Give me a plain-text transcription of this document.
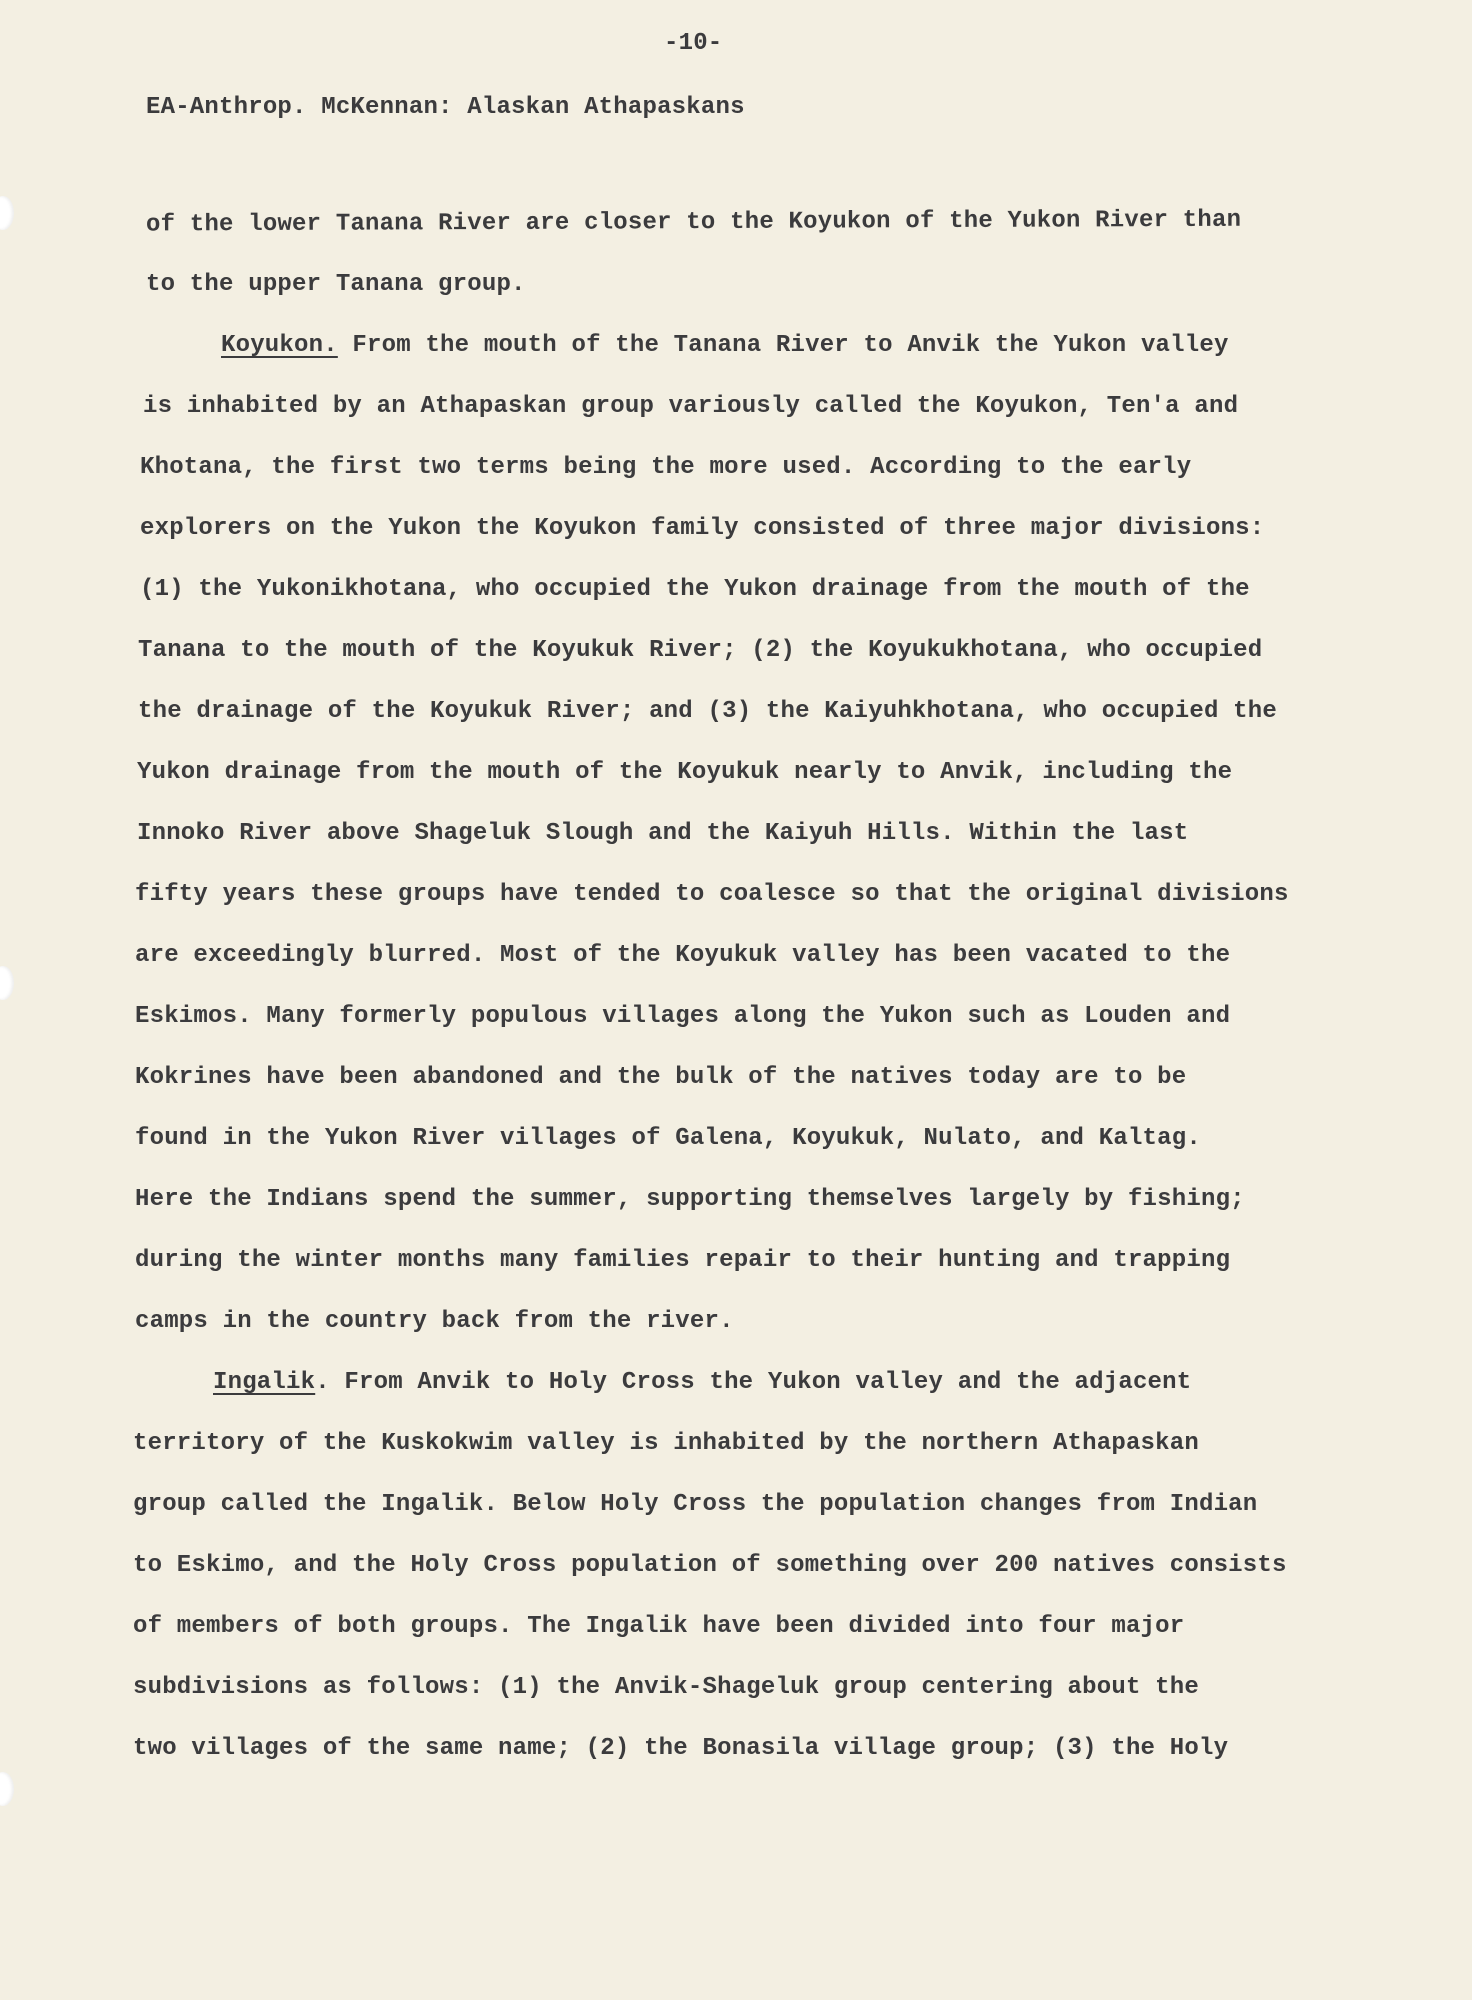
-10-
EA-Anthrop. McKennan: Alaskan Athapaskans
of the lower Tanana River are closer to the Koyukon of the Yukon River than
to the upper Tanana group.
Koyukon. From the mouth of the Tanana River to Anvik the Yukon valley
is inhabited by an Athapaskan group variously called the Koyukon, Ten'a and
Khotana, the first two terms being the more used. According to the early
explorers on the Yukon the Koyukon family consisted of three major divisions:
(1) the Yukonikhotana, who occupied the Yukon drainage from the mouth of the
Tanana to the mouth of the Koyukuk River; (2) the Koyukukhotana, who occupied
the drainage of the Koyukuk River; and (3) the Kaiyuhkhotana, who occupied the
Yukon drainage from the mouth of the Koyukuk nearly to Anvik, including the
Innoko River above Shageluk Slough and the Kaiyuh Hills. Within the last
fifty years these groups have tended to coalesce so that the original divisions
are exceedingly blurred. Most of the Koyukuk valley has been vacated to the
Eskimos. Many formerly populous villages along the Yukon such as Louden and
Kokrines have been abandoned and the bulk of the natives today are to be
found in the Yukon River villages of Galena, Koyukuk, Nulato, and Kaltag.
Here the Indians spend the summer, supporting themselves largely by fishing;
during the winter months many families repair to their hunting and trapping
camps in the country back from the river.
Ingalik. From Anvik to Holy Cross the Yukon valley and the adjacent
territory of the Kuskokwim valley is inhabited by the northern Athapaskan
group called the Ingalik. Below Holy Cross the population changes from Indian
to Eskimo, and the Holy Cross population of something over 200 natives consists
of members of both groups. The Ingalik have been divided into four major
subdivisions as follows: (1) the Anvik-Shageluk group centering about the
two villages of the same name; (2) the Bonasila village group; (3) the Holy
